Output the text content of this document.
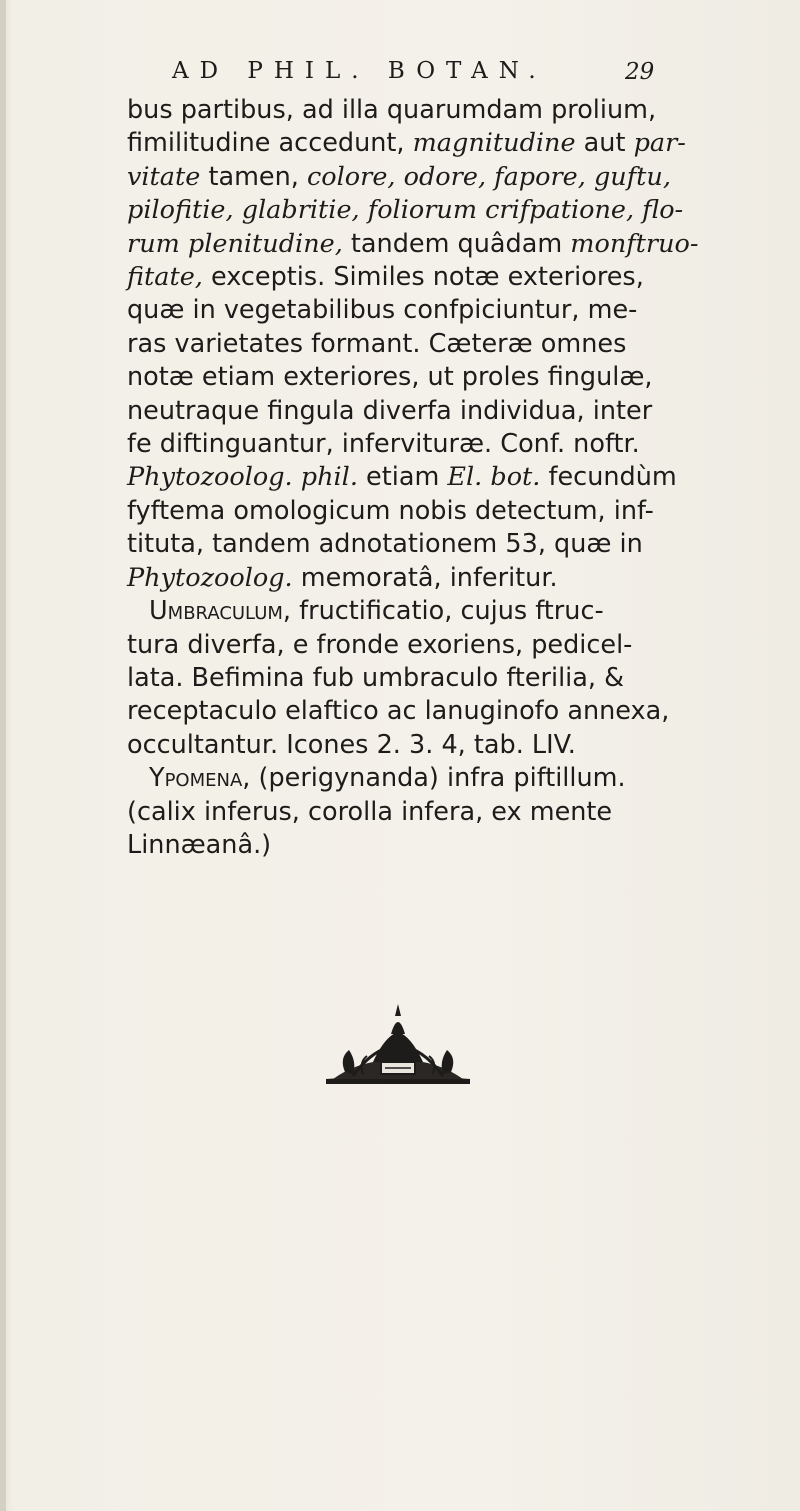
AD PHIL. BOTAN.	29
bus partibus, ad illa quarumdam prolium,
fimilitudine accedunt, magnitudine aut par-
vitate tamen, colore, odore, fapore, guftu,
pilofitie, glabritie, foliorum crifpatione, flo-
rum plenitudine, tandem quâdam monftruo-
fitate, exceptis. Similes notæ exteriores,
quæ in vegetabilibus confpiciuntur, me-
ras varietates formant. Cæteræ omnes
notæ etiam exteriores, ut proles fingulæ,
neutraque fingula diverfa individua, inter
fe diftinguantur, infervituræ. Conf. noftr.
Phytozoolog. phil. etiam El. bot. fecundùm
fyftema omologicum nobis detectum, inf-
tituta, tandem adnotationem 53, quæ in
Phytozoolog. memoratâ, inferitur.
Umbraculum, fructificatio, cujus ftruc-
tura diverfa, e fronde exoriens, pedicel-
lata. Befimina fub umbraculo fterilia, &
receptaculo elaftico ac lanuginofo annexa,
occultantur. Icones 2. 3. 4, tab. LIV.
Ypomena, (perigynanda) infra piftillum.
(calix inferus, corolla infera, ex mente
Linnæanâ.)
